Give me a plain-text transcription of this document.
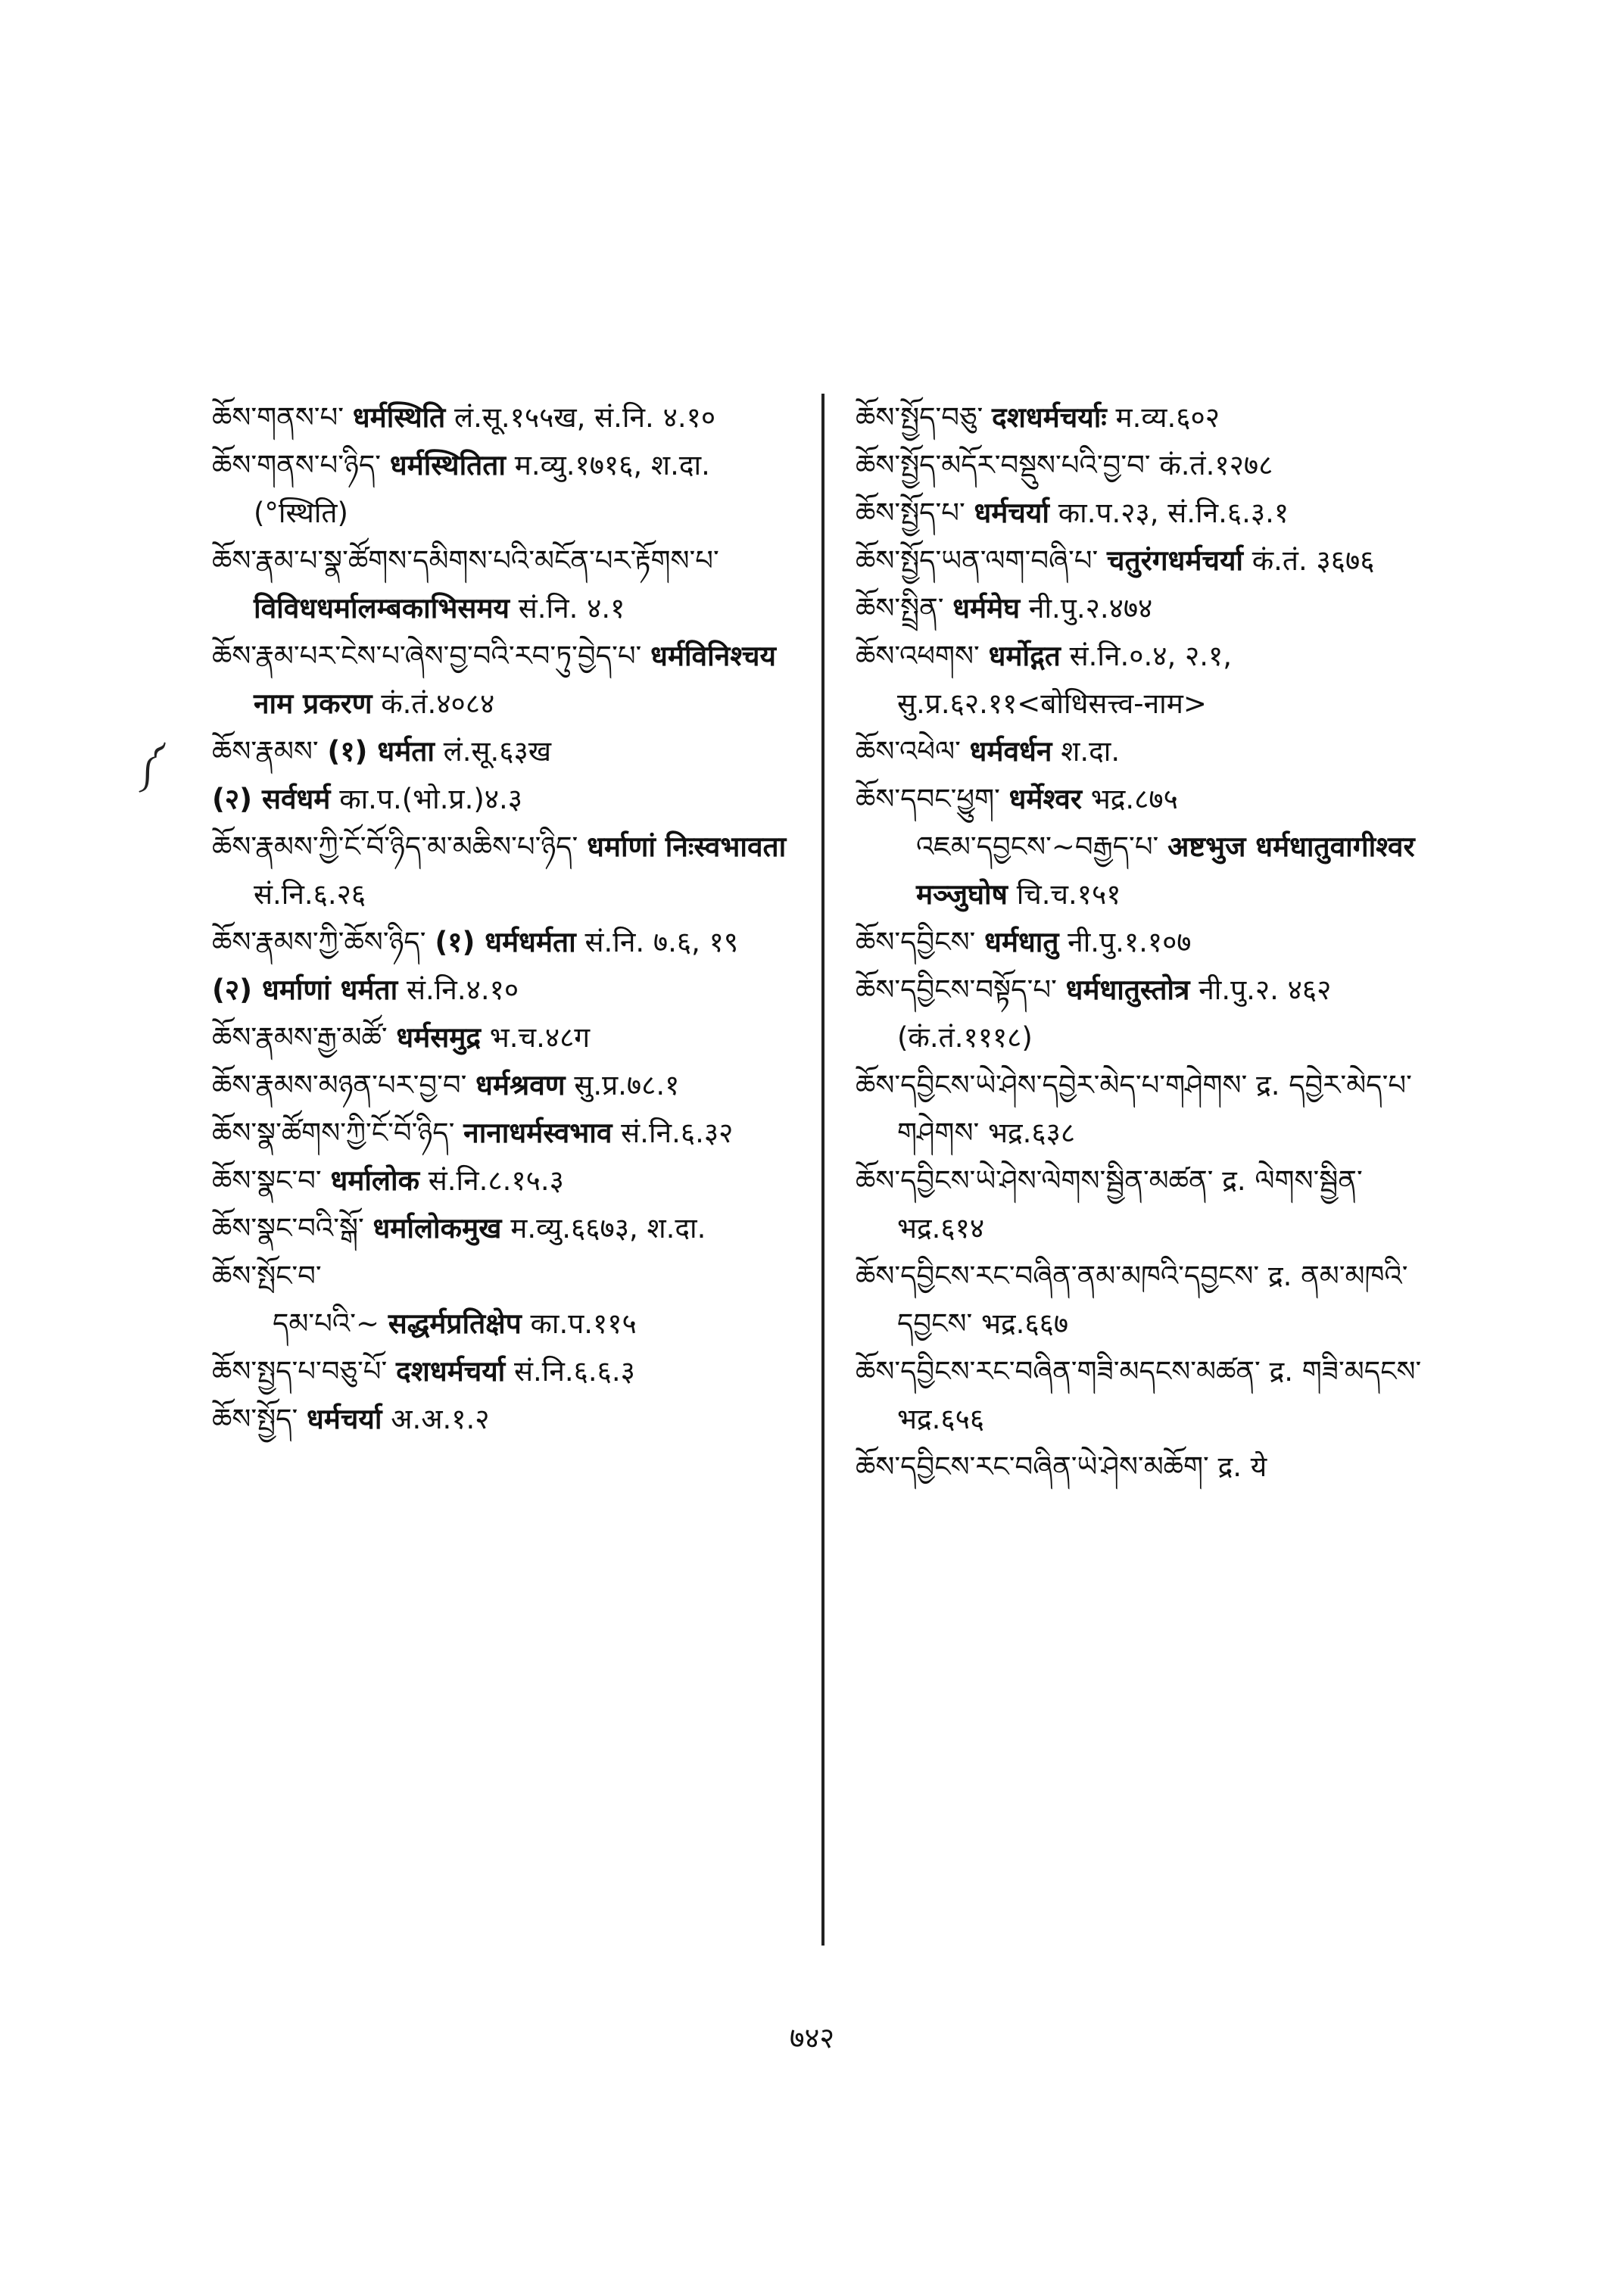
༼

ཆོས་གནས་པ་ धर्मस्थिति लं.सू.१५५ख, सं.नि. ४.१०

ཆོས་གནས་པ་ཉིད་ धर्मस्थितिता म.व्यु.१७१६, श.दा.(°स्थिति)

ཆོས་རྣམ་པ་སྣ་ཚོགས་དམིགས་པའི་མངོན་པར་རྟོགས་པ་ विविधधर्मालम्बकाभिसमय सं.नि. ४.१

ཆོས་རྣམ་པར་ངེས་པ་ཞེས་བྱ་བའི་རབ་ཏུ་བྱེད་པ་ धर्मविनिश्चय नाम प्रकरण कं.तं.४०८४

ཆོས་རྣམས་ (१) धर्मता लं.सू.६३ख

(२) सर्वधर्म का.प.(भो.प्र.)४.३

ཆོས་རྣམས་ཀྱི་ངོ་བོ་ཉིད་མ་མཆིས་པ་ཉིད་ धर्माणां निःस्वभावता सं.नि.६.२६

ཆོས་རྣམས་ཀྱི་ཆོས་ཉིད་ (१) धर्मधर्मता सं.नि. ७.६, १९

(२) धर्माणां धर्मता सं.नि.४.१०

ཆོས་རྣམས་རྒྱ་མཚོ་ धर्मसमुद्र भ.च.४८ग

ཆོས་རྣམས་མཉན་པར་བྱ་བ་ धर्मश्रवण सु.प्र.७८.१

ཆོས་སྣ་ཚོགས་ཀྱི་ངོ་བོ་ཉིད་ नानाधर्मस्वभाव सं.नि.६.३२

ཆོས་སྣང་བ་ धर्मालोक सं.नि.८.१५.३

ཆོས་སྣང་བའི་སྒོ་ धर्मालोकमुख म.व्यु.६६७३, श.दा.

ཆོས་སྤོང་བ་

དམ་པའི་~ सद्धर्मप्रतिक्षेप का.प.११५

ཆོས་སྤྱད་པ་བཅུ་པོ་ दशधर्मचर्या सं.नि.६.६.३

ཆོས་སྤྱོད་ धर्मचर्या अ.अ.१.२

ཆོས་སྤྱོད་བཅུ་ दशधर्मचर्याः म.व्य.६०२

ཆོས་སྤྱོད་མདོར་བསྡུས་པའི་བྱ་བ་ कं.तं.१२७८

ཆོས་སྤྱོད་པ་ धर्मचर्या का.प.२३, सं.नि.६.३.१

ཆོས་སྤྱོད་ཡན་ལག་བཞི་པ་ चतुरंगधर्मचर्या कं.तं. ३६७६

ཆོས་སྤྲིན་ धर्ममेघ नी.पु.२.४७४

ཆོས་འཕགས་ धर्मोद्गत सं.नि.०.४, २.१, सु.प्र.६२.११<बोधिसत्त्व-नाम>

ཆོས་འཕེལ་ धर्मवर्धन श.दा.

ཆོས་དབང་ཕྱུག་ धर्मेश्वर भद्र.८७५

འཇམ་དབྱངས་~བརྒྱད་པ་ अष्टभुज धर्मधातुवागीश्वर मञ्जुघोष चि.च.१५१

ཆོས་དབྱིངས་ धर्मधातु नी.पु.१.१०७

ཆོས་དབྱིངས་བསྟོད་པ་ धर्मधातुस्तोत्र नी.पु.२. ४६२ (कं.तं.१११८)

ཆོས་དབྱིངས་ཡེ་ཤེས་དབྱེར་མེད་པ་གཤེགས་ द्र. དབྱེར་མེད་པ་གཤེགས་ भद्र.६३८

ཆོས་དབྱིངས་ཡེ་ཤེས་ལེགས་སྦྱིན་མཚན་ द्र. ལེགས་སྦྱིན་ भद्र.६१४

ཆོས་དབྱིངས་རང་བཞིན་ནམ་མཁའི་དབྱངས་ द्र. ནམ་མཁའི་དབྱངས་ भद्र.६६७

ཆོས་དབྱིངས་རང་བཞིན་གཟི་མདངས་མཚན་ द्र. གཟི་མདངས་ भद्र.६५६

ཆོས་དབྱིངས་རང་བཞིན་ཡེ་ཤེས་མཆོག་ द्र. ये

७४२
